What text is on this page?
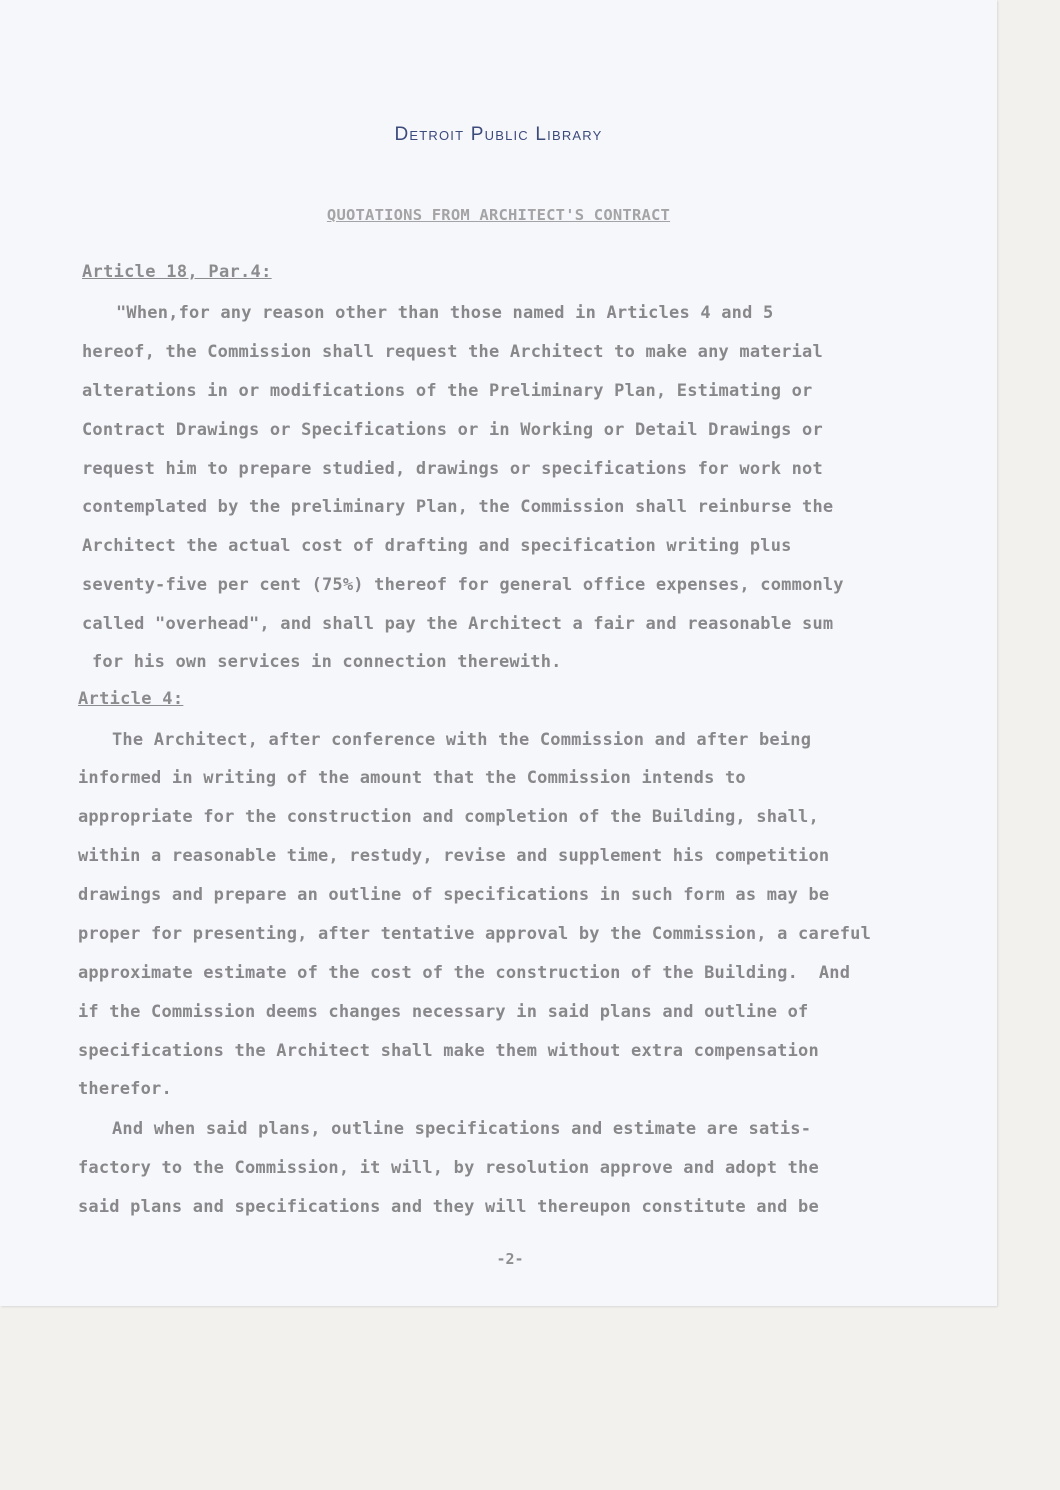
Detroit Public Library
QUOTATIONS FROM ARCHITECT'S CONTRACT
Article 18, Par.4:
"When,for any reason other than those named in Articles 4 and 5
hereof, the Commission shall request the Architect to make any material
alterations in or modifications of the Preliminary Plan, Estimating or
Contract Drawings or Specifications or in Working or Detail Drawings or
request him to prepare studied, drawings or specifications for work not
contemplated by the preliminary Plan, the Commission shall reinburse the
Architect the actual cost of drafting and specification writing plus
seventy-five per cent (75%) thereof for general office expenses, commonly
called "overhead", and shall pay the Architect a fair and reasonable sum
for his own services in connection therewith.
Article 4:
The Architect, after conference with the Commission and after being
informed in writing of the amount that the Commission intends to
appropriate for the construction and completion of the Building, shall,
within a reasonable time, restudy, revise and supplement his competition
drawings and prepare an outline of specifications in such form as may be
proper for presenting, after tentative approval by the Commission, a careful
approximate estimate of the cost of the construction of the Building.  And
if the Commission deems changes necessary in said plans and outline of
specifications the Architect shall make them without extra compensation
therefor.
And when said plans, outline specifications and estimate are satis-
factory to the Commission, it will, by resolution approve and adopt the
said plans and specifications and they will thereupon constitute and be
-2-
